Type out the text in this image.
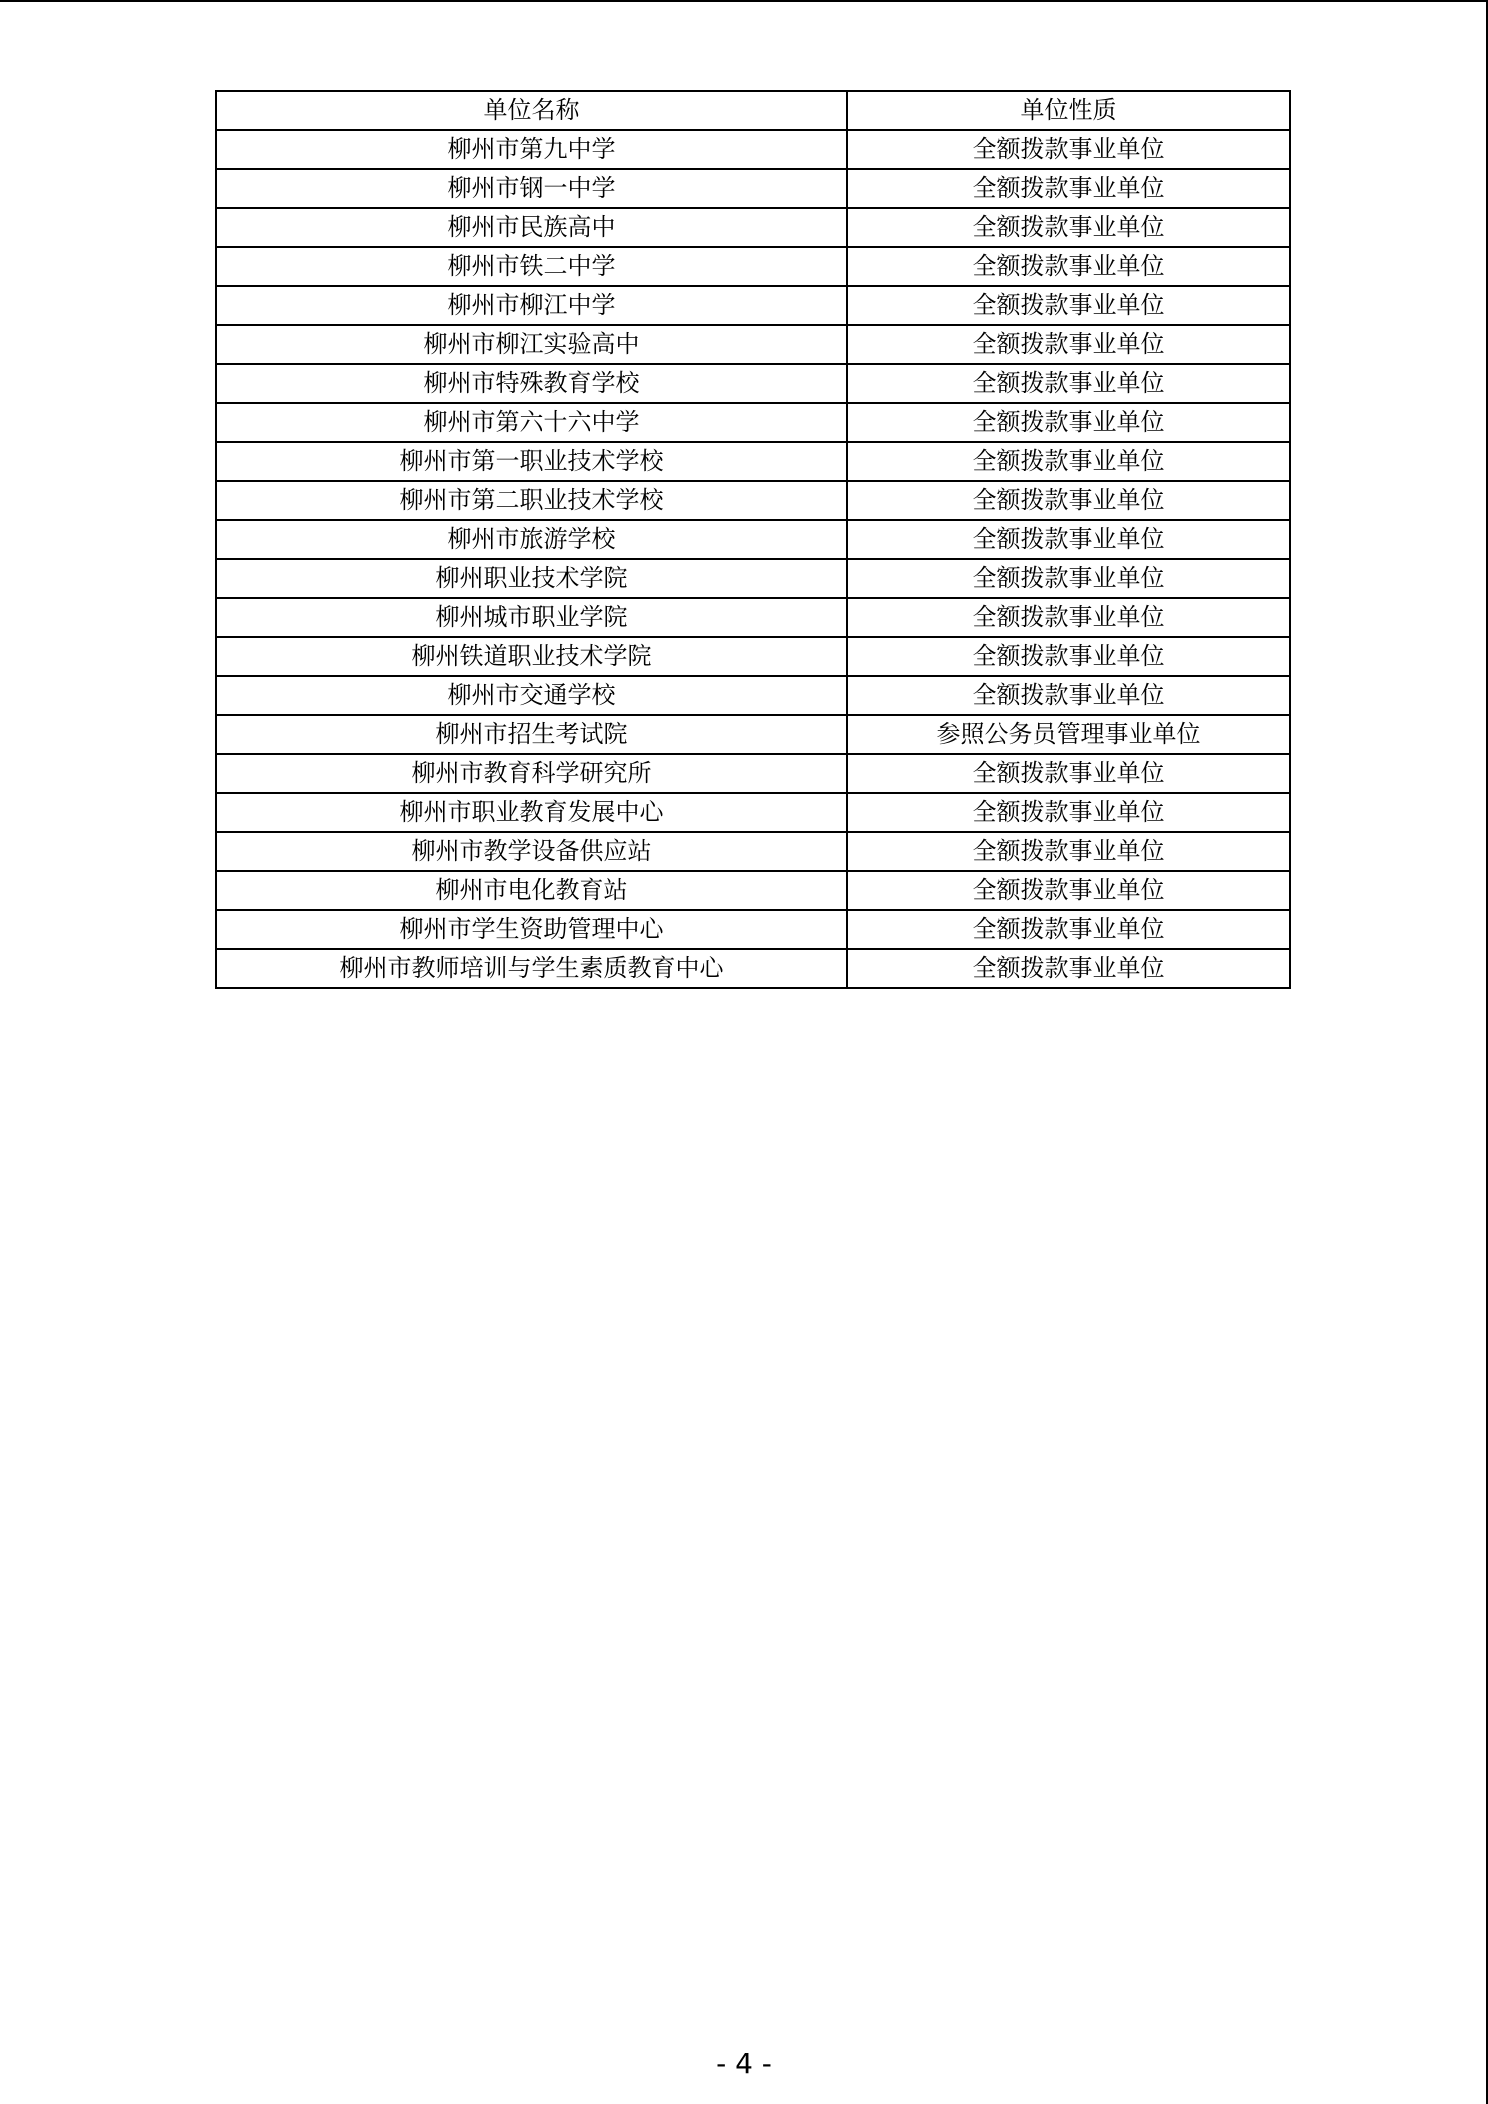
单位名称	单位性质
柳州市第九中学	全额拨款事业单位
柳州市钢一中学	全额拨款事业单位
柳州市民族高中	全额拨款事业单位
柳州市铁二中学	全额拨款事业单位
柳州市柳江中学	全额拨款事业单位
柳州市柳江实验高中	全额拨款事业单位
柳州市特殊教育学校	全额拨款事业单位
柳州市第六十六中学	全额拨款事业单位
柳州市第一职业技术学校	全额拨款事业单位
柳州市第二职业技术学校	全额拨款事业单位
柳州市旅游学校	全额拨款事业单位
柳州职业技术学院	全额拨款事业单位
柳州城市职业学院	全额拨款事业单位
柳州铁道职业技术学院	全额拨款事业单位
柳州市交通学校	全额拨款事业单位
柳州市招生考试院	参照公务员管理事业单位
柳州市教育科学研究所	全额拨款事业单位
柳州市职业教育发展中心	全额拨款事业单位
柳州市教学设备供应站	全额拨款事业单位
柳州市电化教育站	全额拨款事业单位
柳州市学生资助管理中心	全额拨款事业单位
柳州市教师培训与学生素质教育中心	全额拨款事业单位
- 4 -
